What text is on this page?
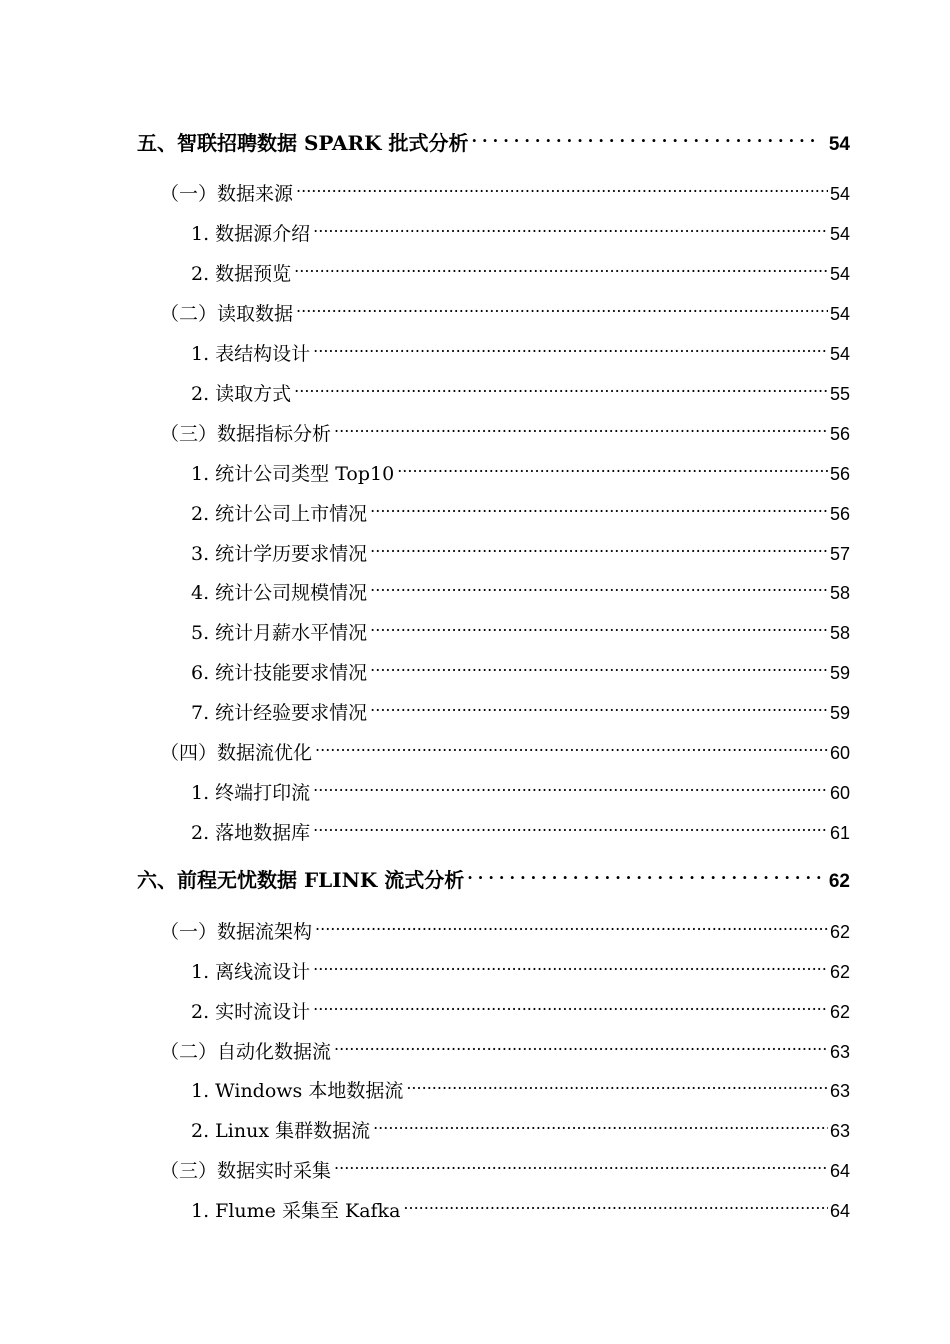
五、智联招聘数据 SPARK 批式分析 .....	54
（一）数据来源 .....	54
1. 数据源介绍 .....	54
2. 数据预览 .....	54
（二）读取数据 .....	54
1. 表结构设计 .....	54
2. 读取方式 .....	55
（三）数据指标分析 .....	56
1. 统计公司类型 Top10 .....	56
2. 统计公司上市情况 .....	56
3. 统计学历要求情况 .....	57
4. 统计公司规模情况 .....	58
5. 统计月薪水平情况 .....	58
6. 统计技能要求情况 .....	59
7. 统计经验要求情况 .....	59
（四）数据流优化 .....	60
1. 终端打印流 .....	60
2. 落地数据库 .....	61
六、前程无忧数据 FLINK 流式分析 .....	62
（一）数据流架构 .....	62
1. 离线流设计 .....	62
2. 实时流设计 .....	62
（二）自动化数据流 .....	63
1. Windows 本地数据流 .....	63
2. Linux 集群数据流 .....	63
（三）数据实时采集 .....	64
1. Flume 采集至 Kafka .....	64
